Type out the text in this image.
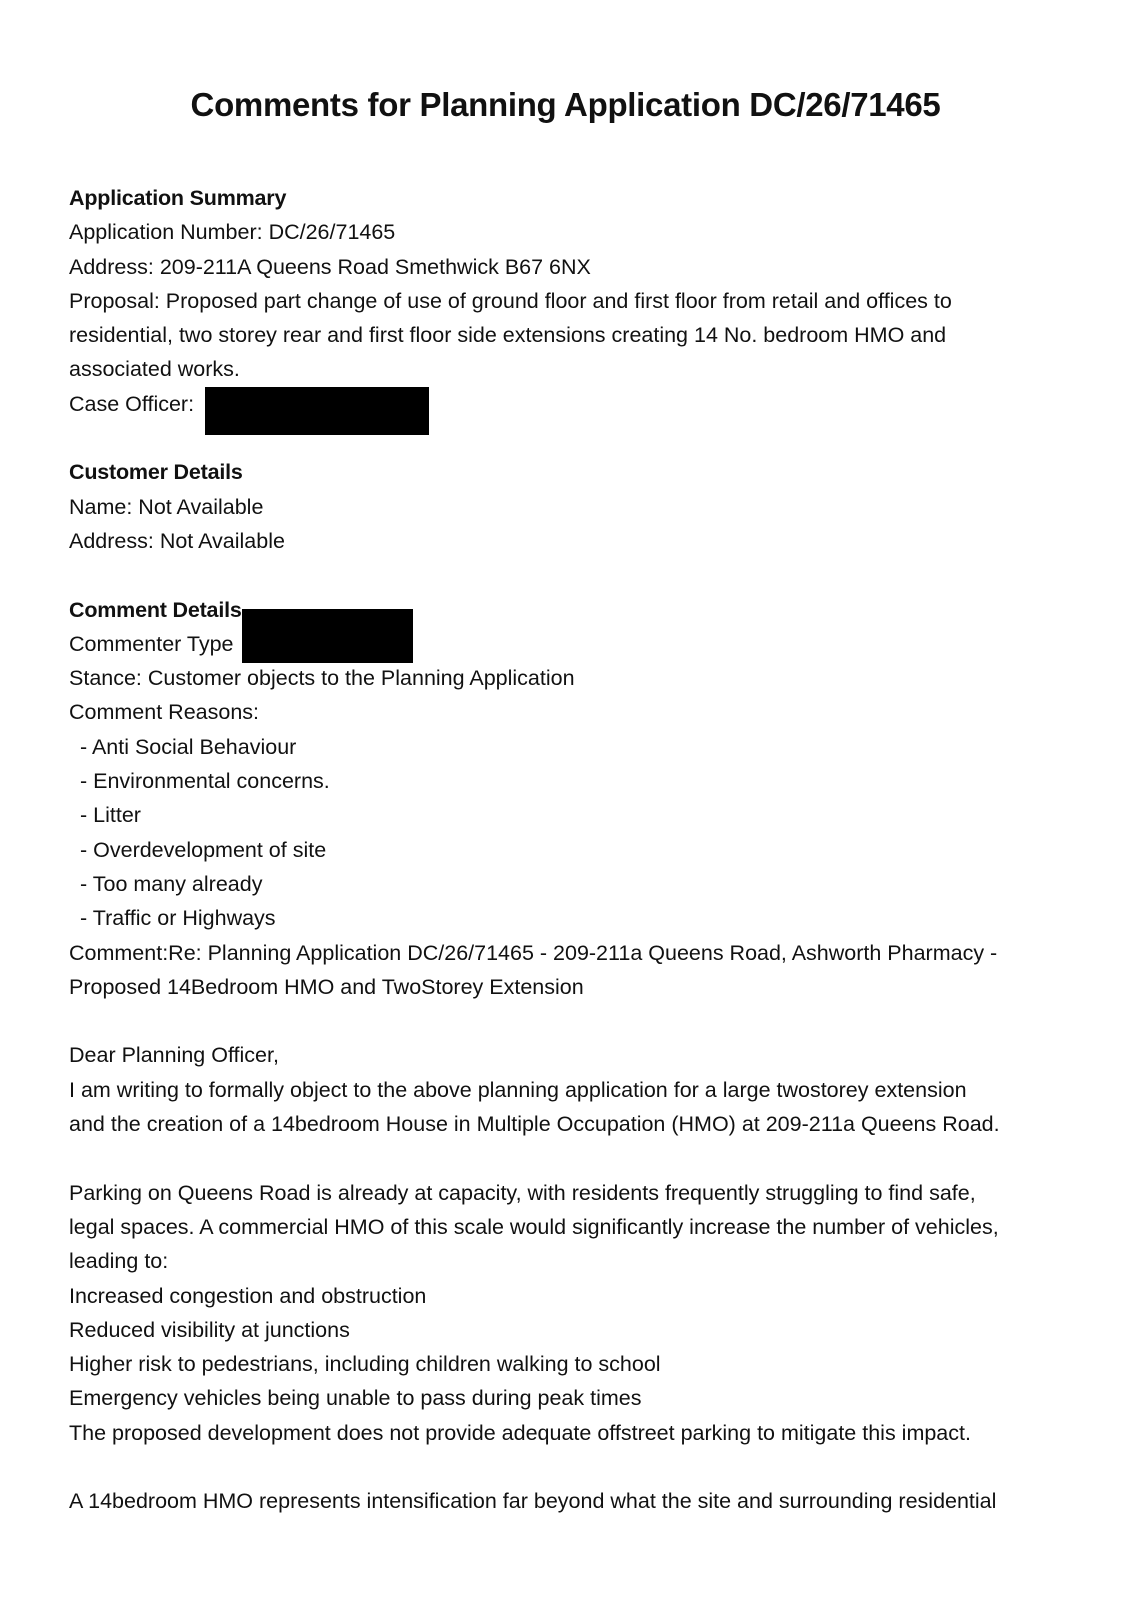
Comments for Planning Application DC/26/71465
Application Summary
Application Number: DC/26/71465
Address: 209-211A Queens Road Smethwick B67 6NX
Proposal: Proposed part change of use of ground floor and first floor from retail and offices to
residential, two storey rear and first floor side extensions creating 14 No. bedroom HMO and
associated works.
Case Officer:
Customer Details
Name: Not Available
Address: Not Available
Comment Details
Commenter Type
Stance: Customer objects to the Planning Application
Comment Reasons:
- Anti Social Behaviour
- Environmental concerns.
- Litter
- Overdevelopment of site
- Too many already
- Traffic or Highways
Comment:Re: Planning Application DC/26/71465 - 209-211a Queens Road, Ashworth Pharmacy -
Proposed 14Bedroom HMO and TwoStorey Extension
Dear Planning Officer,
I am writing to formally object to the above planning application for a large twostorey extension
and the creation of a 14bedroom House in Multiple Occupation (HMO) at 209-211a Queens Road.
Parking on Queens Road is already at capacity, with residents frequently struggling to find safe,
legal spaces. A commercial HMO of this scale would significantly increase the number of vehicles,
leading to:
Increased congestion and obstruction
Reduced visibility at junctions
Higher risk to pedestrians, including children walking to school
Emergency vehicles being unable to pass during peak times
The proposed development does not provide adequate offstreet parking to mitigate this impact.
A 14bedroom HMO represents intensification far beyond what the site and surrounding residential
